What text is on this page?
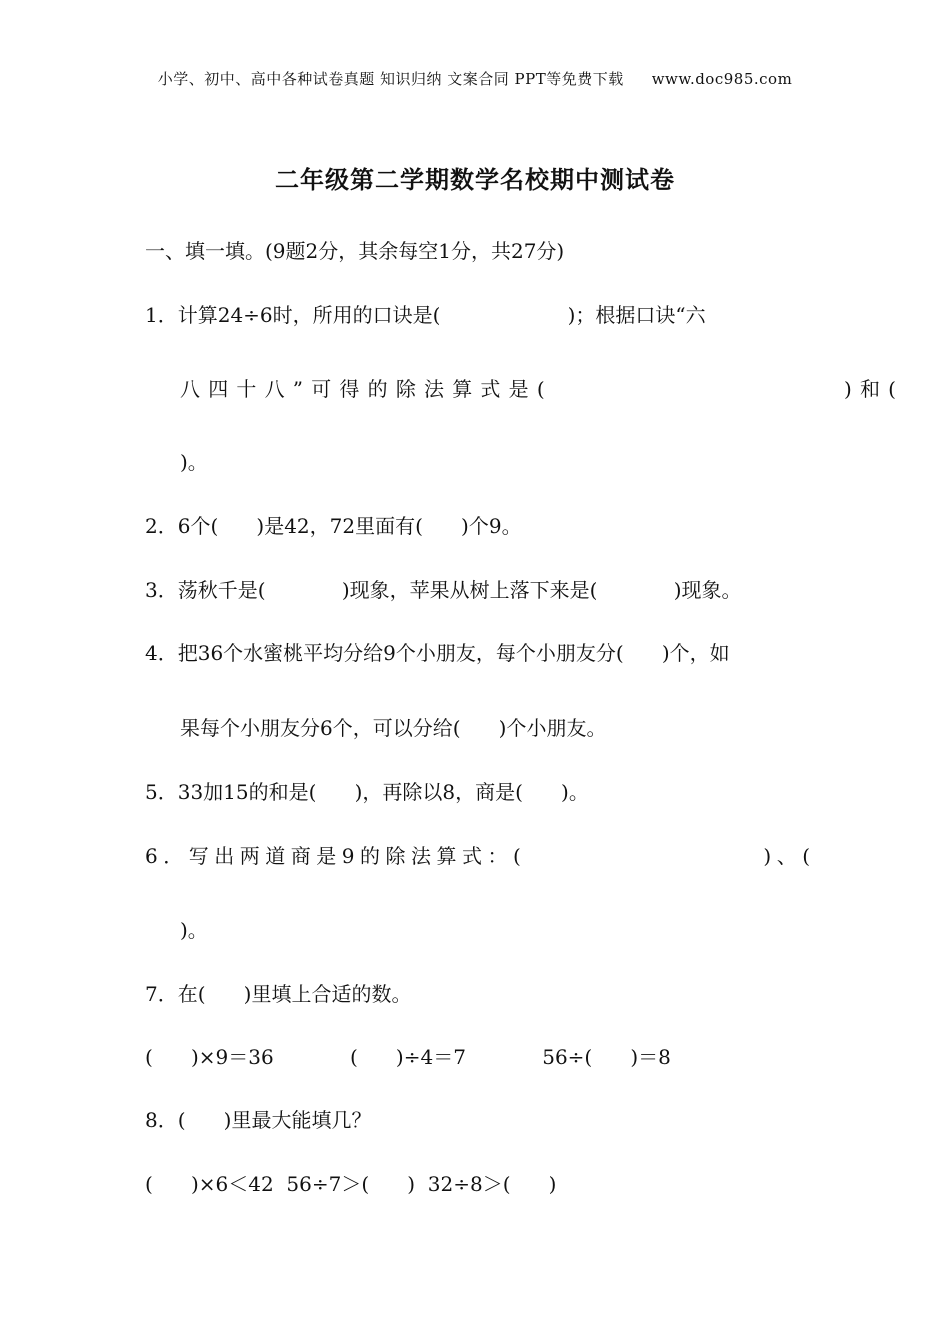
小学、初中、高中各种试卷真题 知识归纳 文案合同 PPT等免费下载 www.doc985.com
二年级第二学期数学名校期中测试卷
一、填一填。(9题2分，其余每空1分，共27分)
1．计算24÷6时，所用的口诀是(                    )；根据口诀“六
八四十八”可得的除法算式是(                    )和(
)。
2．6个(      )是42，72里面有(      )个9。
3．荡秋千是(            )现象，苹果从树上落下来是(            )现象。
4．把36个水蜜桃平均分给9个小朋友，每个小朋友分(      )个，如
果每个小朋友分6个，可以分给(      )个小朋友。
5．33加15的和是(      )，再除以8，商是(      )。
6．写出两道商是9的除法算式：(                    )、(
)。
7．在(      )里填上合适的数。
(      )×9＝36            (      )÷4＝7            56÷(      )＝8
8．(      )里最大能填几？
(      )×6＜42  56÷7＞(      )  32÷8＞(      )
